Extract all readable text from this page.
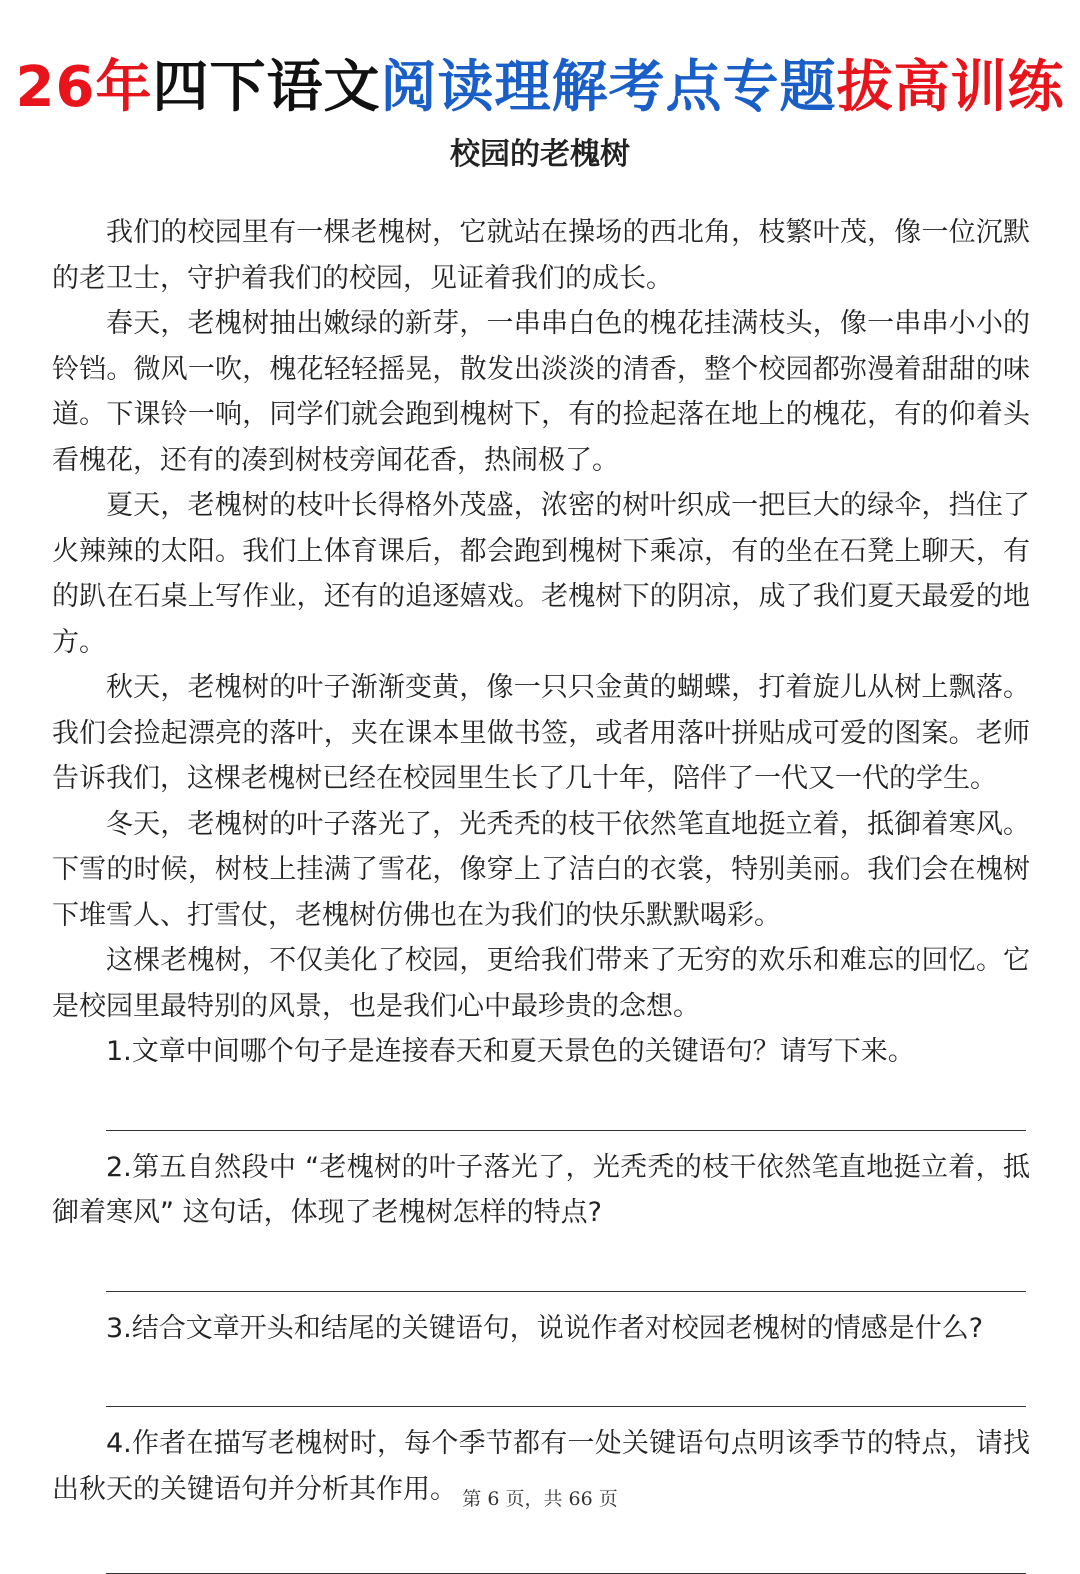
26年四下语文阅读理解考点专题拔高训练
校园的老槐树

我们的校园里有一棵老槐树，它就站在操场的西北角，枝繁叶茂，像一位沉默的老卫士，守护着我们的校园，见证着我们的成长。

春天，老槐树抽出嫩绿的新芽，一串串白色的槐花挂满枝头，像一串串小小的铃铛。微风一吹，槐花轻轻摇晃，散发出淡淡的清香，整个校园都弥漫着甜甜的味道。下课铃一响，同学们就会跑到槐树下，有的捡起落在地上的槐花，有的仰着头看槐花，还有的凑到树枝旁闻花香，热闹极了。

夏天，老槐树的枝叶长得格外茂盛，浓密的树叶织成一把巨大的绿伞，挡住了火辣辣的太阳。我们上体育课后，都会跑到槐树下乘凉，有的坐在石凳上聊天，有的趴在石桌上写作业，还有的追逐嬉戏。老槐树下的阴凉，成了我们夏天最爱的地方。

秋天，老槐树的叶子渐渐变黄，像一只只金黄的蝴蝶，打着旋儿从树上飘落。我们会捡起漂亮的落叶，夹在课本里做书签，或者用落叶拼贴成可爱的图案。老师告诉我们，这棵老槐树已经在校园里生长了几十年，陪伴了一代又一代的学生。

冬天，老槐树的叶子落光了，光秃秃的枝干依然笔直地挺立着，抵御着寒风。下雪的时候，树枝上挂满了雪花，像穿上了洁白的衣裳，特别美丽。我们会在槐树下堆雪人、打雪仗，老槐树仿佛也在为我们的快乐默默喝彩。

这棵老槐树，不仅美化了校园，更给我们带来了无穷的欢乐和难忘的回忆。它是校园里最特别的风景，也是我们心中最珍贵的念想。

1.文章中间哪个句子是连接春天和夏天景色的关键语句？请写下来。

2.第五自然段中 “老槐树的叶子落光了，光秃秃的枝干依然笔直地挺立着，抵御着寒风” 这句话，体现了老槐树怎样的特点?

3.结合文章开头和结尾的关键语句，说说作者对校园老槐树的情感是什么?

4.作者在描写老槐树时，每个季节都有一处关键语句点明该季节的特点，请找出秋天的关键语句并分析其作用。 第 6 页，共 66 页
